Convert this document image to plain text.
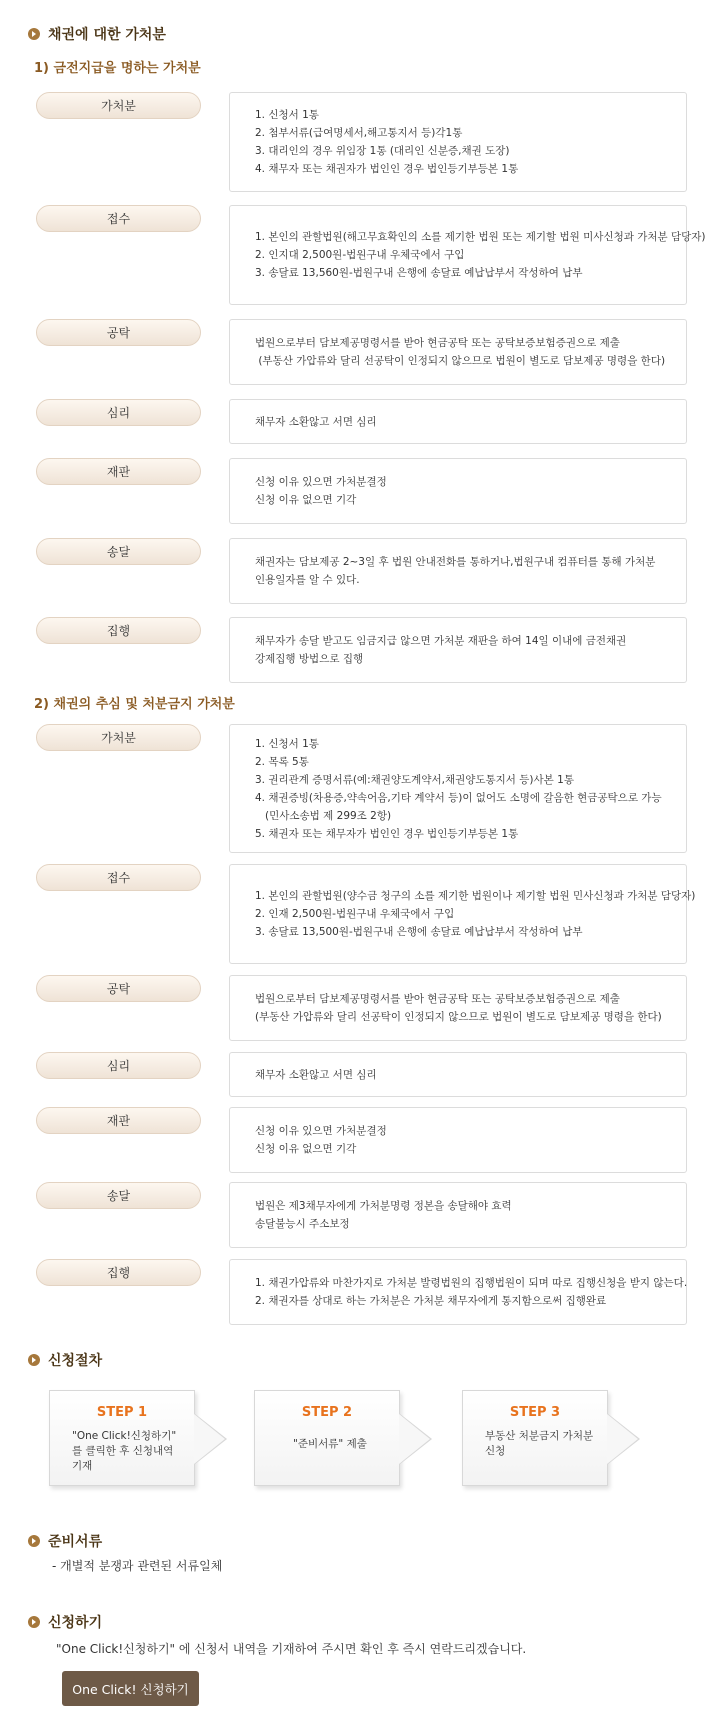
채권에 대한 가처분
1) 금전지급을 명하는 가처분
가처분
1. 신청서 1통
2. 첨부서류(급여명세서,해고통지서 등)각1통
3. 대리인의 경우 위임장 1통 (대리인 신분증,채권 도장)
4. 채무자 또는 채권자가 법인인 경우 법인등기부등본 1통
접수
1. 본인의 관할법원(해고무효확인의 소를 제기한 법원 또는 제기할 법원 미사신청과 가처분 담당자)
2. 인지대 2,500원-법원구내 우체국에서 구입
3. 송달료 13,560원-법원구내 은행에 송달료 예납납부서 작성하여 납부
공탁
법원으로부터 담보제공명령서를 받아 현금공탁 또는 공탁보증보험증권으로 제출
(부동산 가압류와 달리 선공탁이 인정되지 않으므로 법원이 별도로 담보제공 명령을 한다)
심리
채무자 소환않고 서면 심리
재판
신청 이유 있으면 가처분결정
신청 이유 없으면 기각
송달
채권자는 담보제공 2~3일 후 법원 안내전화를 통하거나,법원구내 컴퓨터를 통해 가처분
인용일자를 알 수 있다.
집행
채무자가 송달 받고도 임금지급 않으면 가처분 재판을 하여 14일 이내에 금전채권
강제집행 방법으로 집행
2) 채권의 추심 및 처분금지 가처분
가처분	1. 신청서 1통
2. 목록 5통
3. 권리관계 증명서류(예:채권양도계약서,채권양도통지서 등)사본 1통
4. 채권증빙(차용증,약속어음,기타 계약서 등)이 없어도 소명에 갈음한 현금공탁으로 가능
(민사소송법 제 299조 2항)
5. 채권자 또는 채무자가 법인인 경우 법인등기부등본 1통
접수
1. 본인의 관할법원(양수금 청구의 소를 제기한 법원이나 제기할 법원 민사신청과 가처분 담당자)
2. 인재 2,500원-법원구내 우체국에서 구입
3. 송달료 13,500원-법원구내 은행에 송달료 예납납부서 작성하여 납부
공탁
법원으로부터 담보제공명령서를 받아 현금공탁 또는 공탁보증보험증권으로 제출
(부동산 가압류와 달리 선공탁이 인정되지 않으므로 법원이 별도로 담보제공 명령을 한다)
심리
채무자 소환않고 서면 심리
재판
신청 이유 있으면 가처분결정
신청 이유 없으면 기각
송달
법원은 제3채무자에게 가처분명령 정본을 송달해야 효력
송달불능시 주소보정
집행
1. 채권가압류와 마찬가지로 가처분 발령법원의 집행법원이 되며 따로 집행신청을 받지 않는다.
2. 채권자를 상대로 하는 가처분은 가처분 채무자에게 통지함으로써 집행완료
신청절차
STEP 1
"One Click!신청하기"
를 클릭한 후 신청내역
기재
STEP 2
"준비서류" 제출
STEP 3
부동산 처분금지 가처분
신청
준비서류
- 개별적 분쟁과 관련된 서류일체
신청하기
"One Click!신청하기" 에 신청서 내역을 기재하여 주시면 확인 후 즉시 연락드리겠습니다.
One Click! 신청하기
